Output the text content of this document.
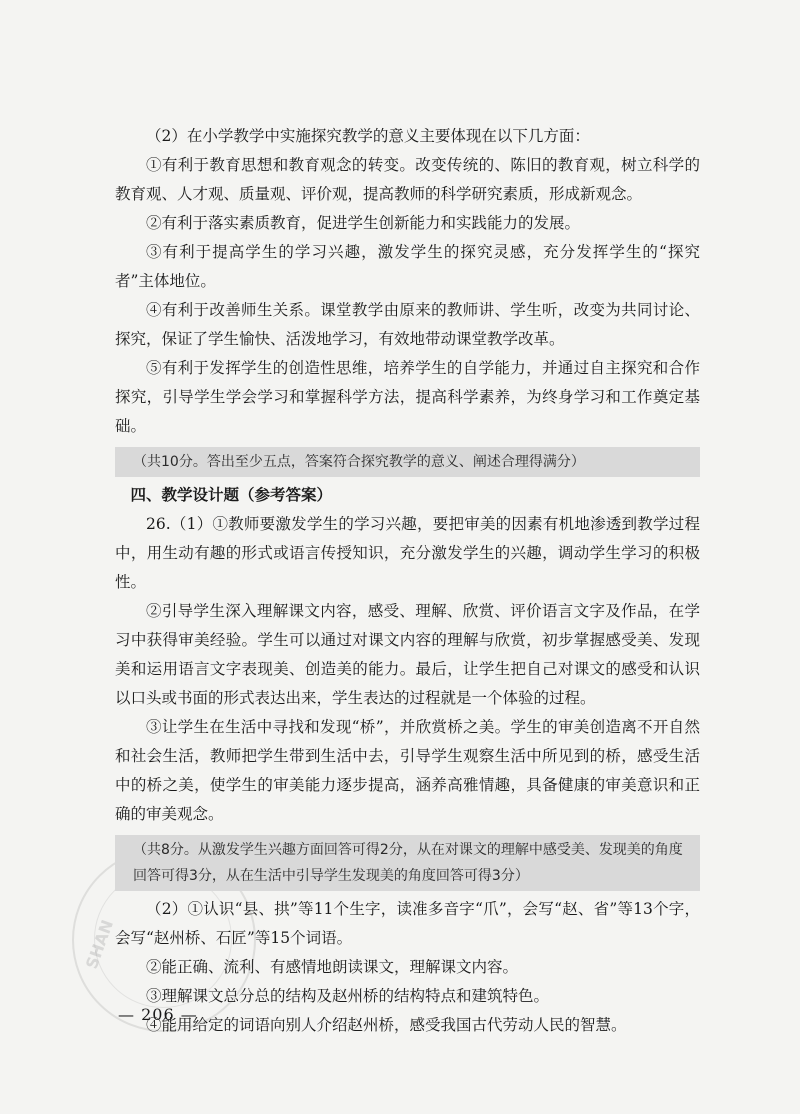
SHAN

（2）在小学教学中实施探究教学的意义主要体现在以下几方面：

①有利于教育思想和教育观念的转变。改变传统的、陈旧的教育观，树立科学的教育观、人才观、质量观、评价观，提高教师的科学研究素质，形成新观念。

②有利于落实素质教育，促进学生创新能力和实践能力的发展。

③有利于提高学生的学习兴趣，激发学生的探究灵感，充分发挥学生的“探究者”主体地位。

④有利于改善师生关系。课堂教学由原来的教师讲、学生听，改变为共同讨论、探究，保证了学生愉快、活泼地学习，有效地带动课堂教学改革。

⑤有利于发挥学生的创造性思维，培养学生的自学能力，并通过自主探究和合作探究，引导学生学会学习和掌握科学方法，提高科学素养，为终身学习和工作奠定基础。

（共10分。答出至少五点，答案符合探究教学的意义、阐述合理得满分）

四、教学设计题（参考答案）

26.（1）①教师要激发学生的学习兴趣，要把审美的因素有机地渗透到教学过程中，用生动有趣的形式或语言传授知识，充分激发学生的兴趣，调动学生学习的积极性。

②引导学生深入理解课文内容，感受、理解、欣赏、评价语言文字及作品，在学习中获得审美经验。学生可以通过对课文内容的理解与欣赏，初步掌握感受美、发现美和运用语言文字表现美、创造美的能力。最后，让学生把自己对课文的感受和认识以口头或书面的形式表达出来，学生表达的过程就是一个体验的过程。

③让学生在生活中寻找和发现“桥”，并欣赏桥之美。学生的审美创造离不开自然和社会生活，教师把学生带到生活中去，引导学生观察生活中所见到的桥，感受生活中的桥之美，使学生的审美能力逐步提高，涵养高雅情趣，具备健康的审美意识和正确的审美观念。

（共8分。从激发学生兴趣方面回答可得2分，从在对课文的理解中感受美、发现美的角度回答可得3分，从在生活中引导学生发现美的角度回答可得3分）

（2）①认识“县、拱”等11个生字，读准多音字“爪”，会写“赵、省”等13个字，会写“赵州桥、石匠”等15个词语。

②能正确、流利、有感情地朗读课文，理解课文内容。

③理解课文总分总的结构及赵州桥的结构特点和建筑特色。

④能用给定的词语向别人介绍赵州桥，感受我国古代劳动人民的智慧。

— 206 —
